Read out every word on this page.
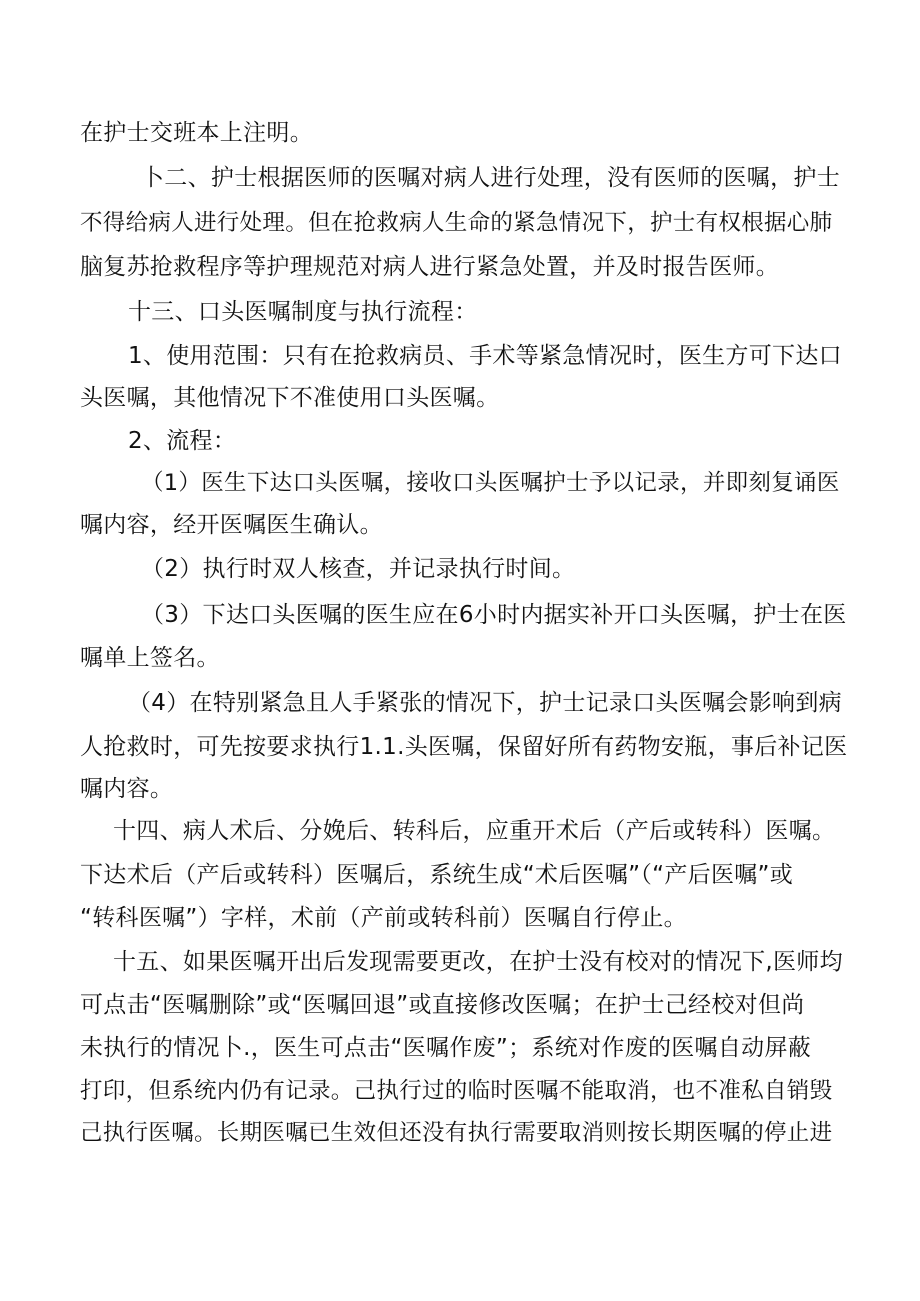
在护士交班本上注明。

卜二、护士根据医师的医嘱对病人进行处理，没有医师的医嘱，护士

不得给病人进行处理。但在抢救病人生命的紧急情况下，护士有权根据心肺

脑复苏抢救程序等护理规范对病人进行紧急处置，并及时报告医师。

十三、口头医嘱制度与执行流程：

1、使用范围：只有在抢救病员、手术等紧急情况时，医生方可下达口

头医嘱，其他情况下不准使用口头医嘱。

2、流程：

（1）医生下达口头医嘱，接收口头医嘱护士予以记录，并即刻复诵医

嘱内容，经开医嘱医生确认。

（2）执行时双人核查，并记录执行时间。

（3）下达口头医嘱的医生应在6小时内据实补开口头医嘱，护士在医

嘱单上签名。

（4）在特别紧急且人手紧张的情况下，护士记录口头医嘱会影响到病

人抢救时，可先按要求执行1.1.头医嘱，保留好所有药物安瓶，事后补记医

嘱内容。

十四、病人术后、分娩后、转科后，应重开术后（产后或转科）医嘱。

下达术后（产后或转科）医嘱后，系统生成“术后医嘱”（“产后医嘱”或

“转科医嘱”）字样，术前（产前或转科前）医嘱自行停止。

十五、如果医嘱开出后发现需要更改，在护士没有校对的情况下,医师均

可点击“医嘱删除”或“医嘱回退”或直接修改医嘱；在护士己经校对但尚

未执行的情况卜.，医生可点击“医嘱作废”；系统对作废的医嘱自动屏蔽

打印，但系统内仍有记录。己执行过的临时医嘱不能取消，也不准私自销毁

己执行医嘱。长期医嘱已生效但还没有执行需要取消则按长期医嘱的停止进
